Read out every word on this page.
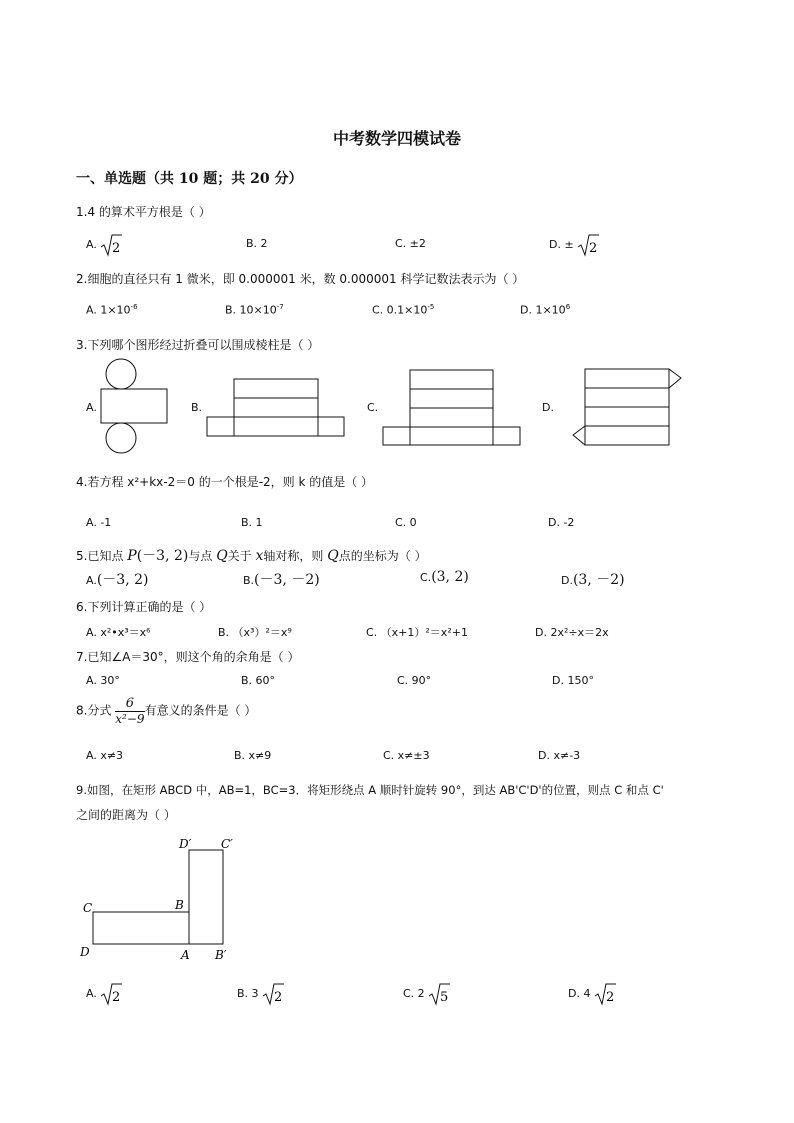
中考数学四模试卷
一、单选题（共 10 题；共 20 分）
1.4 的算术平方根是（ ）
A. 2	B. 2	C. ±2	D. ± 2
2.细胞的直径只有 1 微米，即 0.000001 米，数 0.000001 科学记数法表示为（ ）
A. $1\times 10^{-6}$	B. $10\times 10^{-7}$	C. $0.1\times 10^{-5}$	D. $1\times 10^6$
3.下列哪个图形经过折叠可以围成棱柱是（ ）
A.	B.	C.	D.
4.若方程 x²+kx-2＝0 的一个根是-2，则 k 的值是（ ）
A. -1	B. 1	C. 0	D. -2
5.已知点 P(－3, 2)与点 Q关于 x轴对称，则 Q点的坐标为（ ）
A.(－3, 2)	B.(－3, －2)	C.(3, 2)	D.(3, －2)
6.下列计算正确的是（ ）
A. x²•x³＝x⁶	B. （x³）²＝x⁹	C. （x+1）²＝x²+1	D. 2x²÷x＝2x
7.已知∠A＝30°，则这个角的余角是（ ）
A. 30°	B. 60°	C. 90°	D. 150°
8.分式 $\frac{6}{\text{x²−9}}$ 有意义的条件是（ ）
A. x≠3	B. x≠9	C. x≠±3	D. x≠-3
9.如图，在矩形 ABCD 中，AB=1，BC=3．将矩形绕点 A 顺时针旋转 90°，到达 AB'C'D'的位置，则点 C 和点 C'
之间的距离为（ ）
D′ C′
C	B
D	A B′
A. 2	B. 3 2	C. 2 5	D. 4 2
